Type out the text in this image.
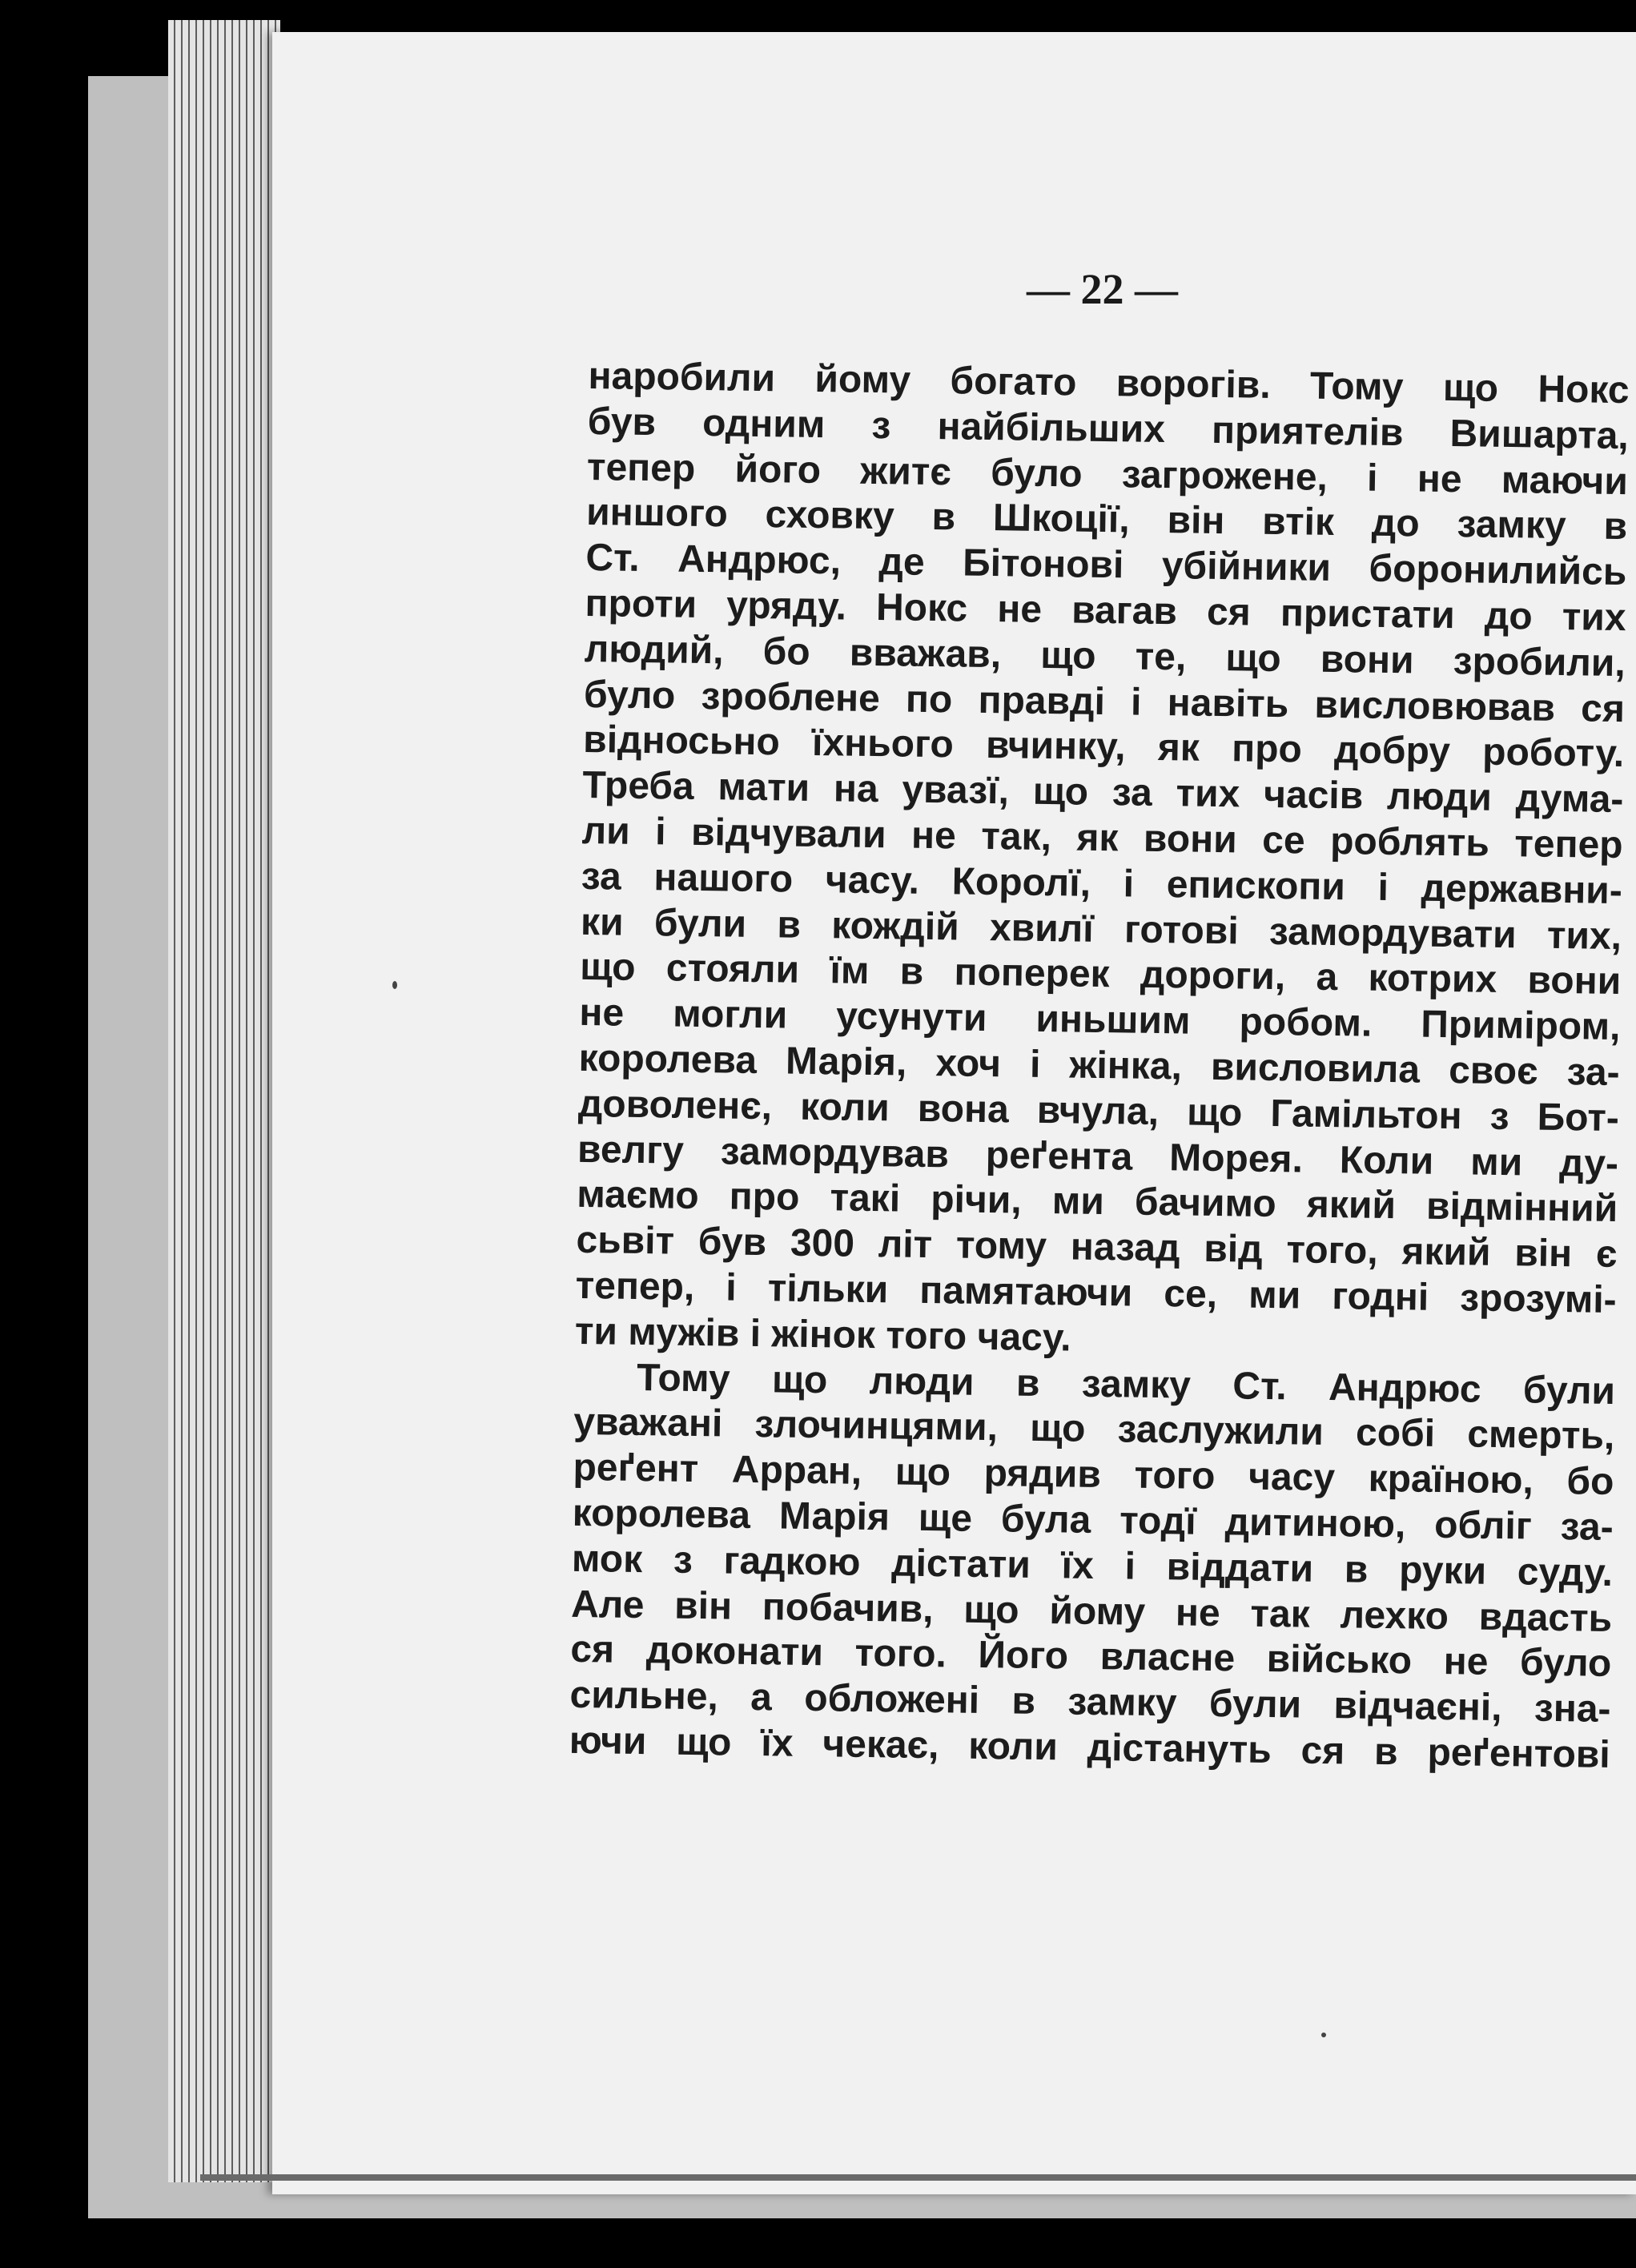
— 22 —
наробили йому богато ворогів. Тому що Нокс
був одним з найбільших приятелів Вишарта,
тепер його житє було загрожене, і не маючи
иншого сховку в Шкоції, він втік до замку в
Ст. Андрюс, де Бітонові убійники боронилийсь
проти уряду. Нокс не вагав ся пристати до тих
людий, бо вважав, що те, що вони зробили,
було зроблене по правді і навіть висловював ся
відносьно їхнього вчинку, як про добру роботу.
Треба мати на увазї, що за тих часів люди дума-
ли і відчували не так, як вони се роблять тепер
за нашого часу. Королї, і епископи і державни-
ки були в кождій хвилї готові замордувати тих,
що стояли їм в поперек дороги, а котрих вони
не могли усунути иньшим робом. Приміром,
королева Марія, хоч і жінка, висловила своє за-
доволенє, коли вона вчула, що Гамільтон з Бот-
велгу замордував реґента Морея. Коли ми ду-
маємо про такі річи, ми бачимо який відмінний
сьвіт був 300 літ тому назад від того, який він є
тепер, і тільки памятаючи се, ми годні зрозумі-
ти мужів і жінок того часу.
Тому що люди в замку Ст. Андрюс були
уважані злочинцями, що заслужили собі смерть,
реґент Арран, що рядив того часу країною, бо
королева Марія ще була тодї дитиною, обліг за-
мок з гадкою дістати їх і віддати в руки суду.
Але він побачив, що йому не так лехко вдасть
ся доконати того. Його власне військо не було
сильне, а обложені в замку були відчаєні, зна-
ючи що їх чекає, коли дістануть ся в реґентові
